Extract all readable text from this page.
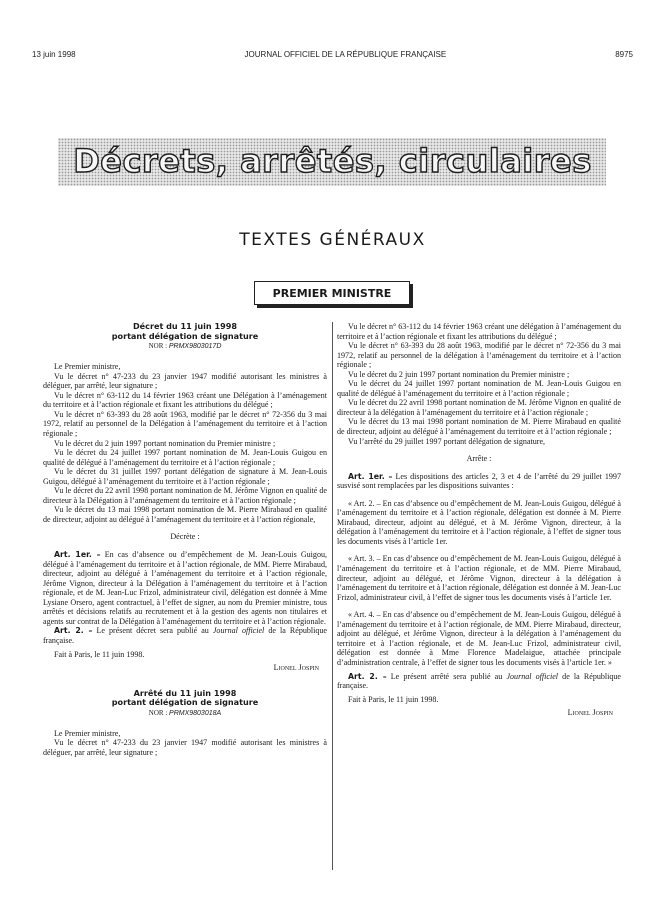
13 juin 1998	JOURNAL OFFICIEL DE LA RÉPUBLIQUE FRANÇAISE	8975
Décrets, arrêtés, circulaires
TEXTES GÉNÉRAUX
PREMIER MINISTRE
Décret du 11 juin 1998
portant délégation de signature
NOR : PRMX9803017D

Le Premier ministre,

Vu le décret n° 47-233 du 23 janvier 1947 modifié autorisant les ministres à déléguer, par arrêté, leur signature ;

Vu le décret n° 63-112 du 14 février 1963 créant une Délégation à l’aménagement du territoire et à l’action régionale et fixant les attributions du délégué ;

Vu le décret n° 63-393 du 28 août 1963, modifié par le décret n° 72-356 du 3 mai 1972, relatif au personnel de la Délégation à l’aménagement du territoire et à l’action régionale ;

Vu le décret du 2 juin 1997 portant nomination du Premier ministre ;

Vu le décret du 24 juillet 1997 portant nomination de M. Jean-Louis Guigou en qualité de délégué à l’aménagement du territoire et à l’action régionale ;

Vu le décret du 31 juillet 1997 portant délégation de signature à M. Jean-Louis Guigou, délégué à l’aménagement du territoire et à l’action régionale ;

Vu le décret du 22 avril 1998 portant nomination de M. Jérôme Vignon en qualité de directeur à la Délégation à l’aménagement du territoire et à l’action régionale ;

Vu le décret du 13 mai 1998 portant nomination de M. Pierre Mirabaud en qualité de directeur, adjoint au délégué à l’aménagement du territoire et à l’action régionale,

Décrète :

Art. 1er. – En cas d’absence ou d’empêchement de M. Jean-Louis Guigou, délégué à l’aménagement du territoire et à l’action régionale, de MM. Pierre Mirabaud, directeur, adjoint au délégué à l’aménagement du territoire et à l’action régionale, Jérôme Vignon, directeur à la Délégation à l’aménagement du territoire et à l’action régionale, et de M. Jean-Luc Frizol, administrateur civil, délégation est donnée à Mme Lysiane Orsero, agent contractuel, à l’effet de signer, au nom du Premier ministre, tous arrêtés et décisions relatifs au recrutement et à la gestion des agents non titulaires et agents sur contrat de la Délégation à l’aménagement du territoire et à l’action régionale.

Art. 2. – Le présent décret sera publié au Journal officiel de la République française.

Fait à Paris, le 11 juin 1998.

Lionel Jospin

Arrêté du 11 juin 1998
portant délégation de signature
NOR : PRMX9803018A

Le Premier ministre,

Vu le décret n° 47-233 du 23 janvier 1947 modifié autorisant les ministres à déléguer, par arrêté, leur signature ;

Vu le décret n° 63-112 du 14 février 1963 créant une délégation à l’aménagement du territoire et à l’action régionale et fixant les attributions du délégué ;

Vu le décret n° 63-393 du 28 août 1963, modifié par le décret n° 72-356 du 3 mai 1972, relatif au personnel de la délégation à l’aménagement du territoire et à l’action régionale ;

Vu le décret du 2 juin 1997 portant nomination du Premier ministre ;

Vu le décret du 24 juillet 1997 portant nomination de M. Jean-Louis Guigou en qualité de délégué à l’aménagement du territoire et à l’action régionale ;

Vu le décret du 22 avril 1998 portant nomination de M. Jérôme Vignon en qualité de directeur à la délégation à l’aménagement du territoire et à l’action régionale ;

Vu le décret du 13 mai 1998 portant nomination de M. Pierre Mirabaud en qualité de directeur, adjoint au délégué à l’aménagement du territoire et à l’action régionale ;

Vu l’arrêté du 29 juillet 1997 portant délégation de signature,

Arrête :

Art. 1er. – Les dispositions des articles 2, 3 et 4 de l’arrêté du 29 juillet 1997 susvisé sont remplacées par les dispositions suivantes :

« Art. 2. – En cas d’absence ou d’empêchement de M. Jean-Louis Guigou, délégué à l’aménagement du territoire et à l’action régionale, délégation est donnée à M. Pierre Mirabaud, directeur, adjoint au délégué, et à M. Jérôme Vignon, directeur, à la délégation à l’aménagement du territoire et à l’action régionale, à l’effet de signer tous les documents visés à l’article 1er.

« Art. 3. – En cas d’absence ou d’empêchement de M. Jean-Louis Guigou, délégué à l’aménagement du territoire et à l’action régionale, et de MM. Pierre Mirabaud, directeur, adjoint au délégué, et Jérôme Vignon, directeur à la délégation à l’aménagement du territoire et à l’action régionale, délégation est donnée à M. Jean-Luc Frizol, administrateur civil, à l’effet de signer tous les documents visés à l’article 1er.

« Art. 4. – En cas d’absence ou d’empêchement de M. Jean-Louis Guigou, délégué à l’aménagement du territoire et à l’action régionale, de MM. Pierre Mirabaud, directeur, adjoint au délégué, et Jérôme Vignon, directeur à la délégation à l’aménagement du territoire et à l’action régionale, et de M. Jean-Luc Frizol, administrateur civil, délégation est donnée à Mme Florence Madelaigue, attachée principale d’administration centrale, à l’effet de signer tous les documents visés à l’article 1er. »

Art. 2. – Le présent arrêté sera publié au Journal officiel de la République française.

Fait à Paris, le 11 juin 1998.

Lionel Jospin
